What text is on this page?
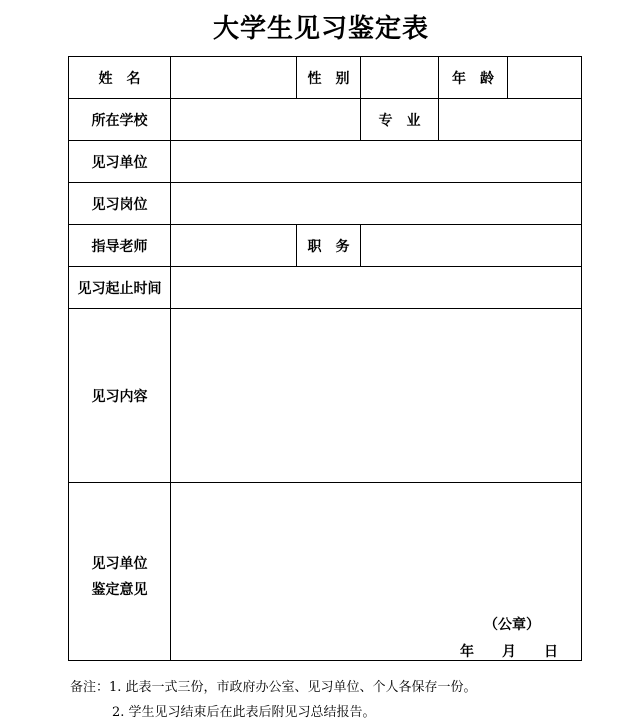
大学生见习鉴定表
姓　名	性　别	年　龄
所在学校	专　业
见习单位
见习岗位
指导老师	职　务
见习起止时间
见习内容
见习单位
鉴定意见
（公章）
年 月 日
备注：1. 此表一式三份，市政府办公室、见习单位、个人各保存一份。
2. 学生见习结束后在此表后附见习总结报告。
